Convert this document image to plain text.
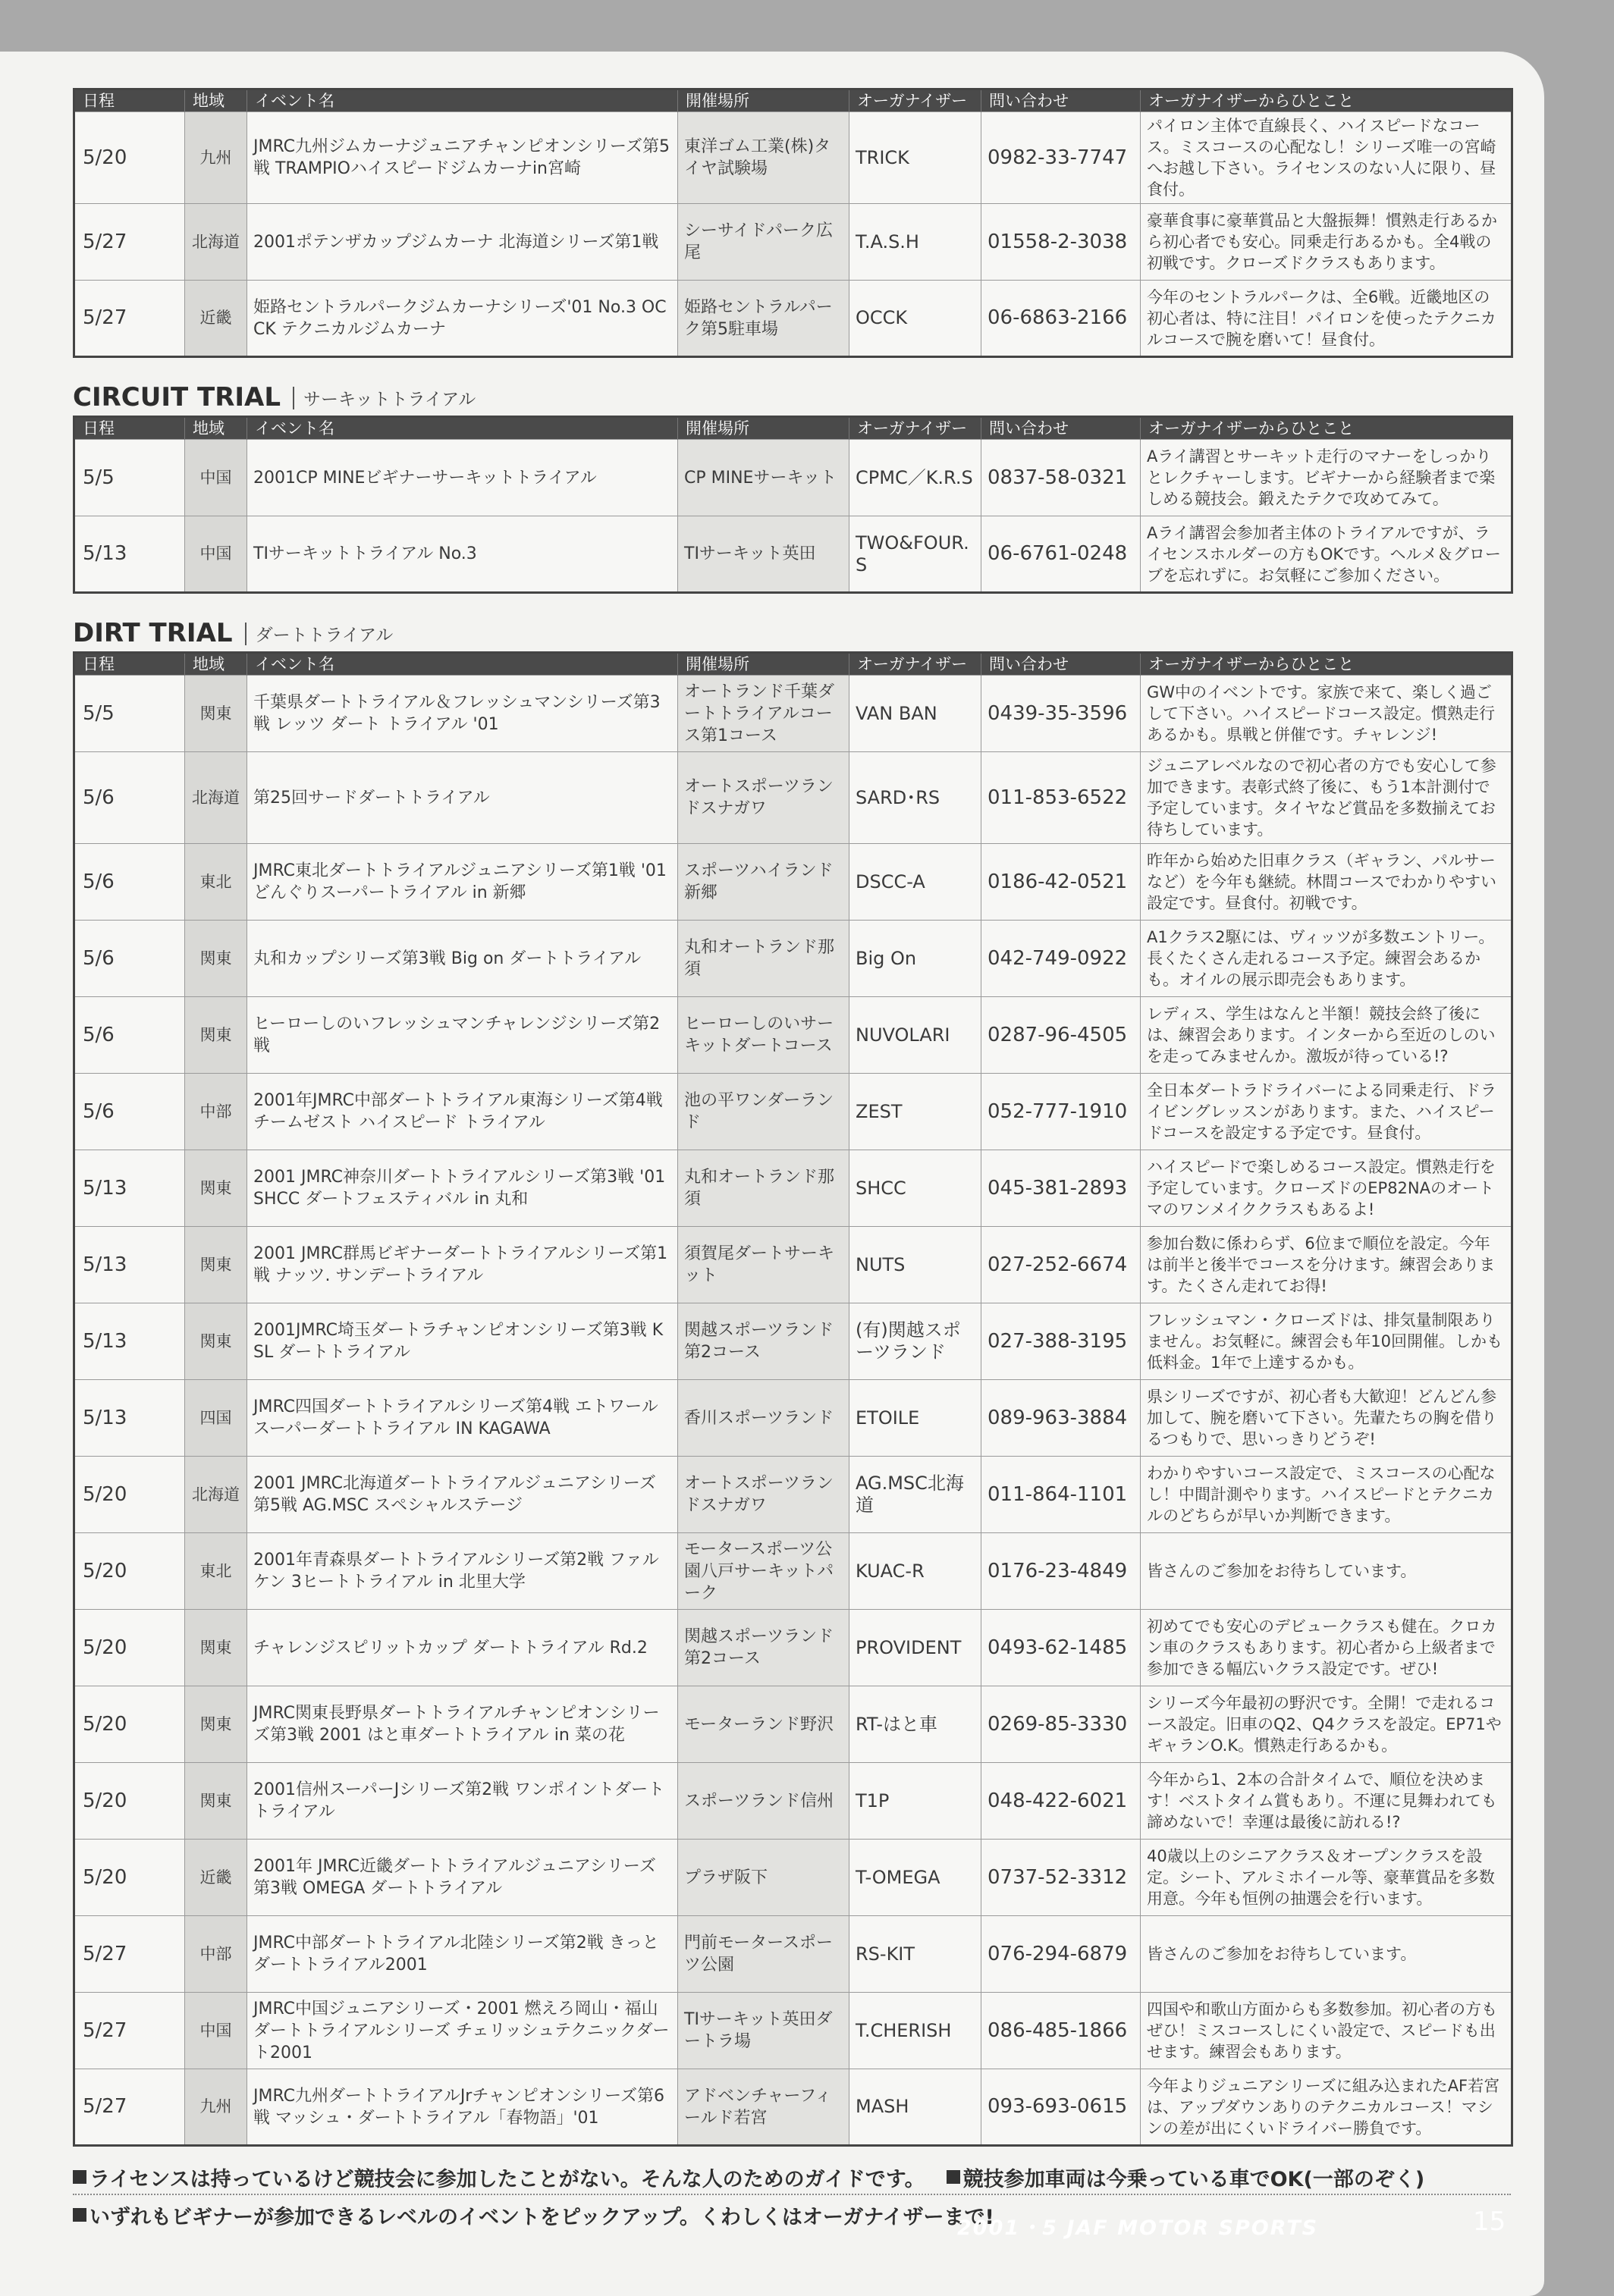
日程	地域	イベント名	開催場所	オーガナイザー	問い合わせ	オーガナイザーからひとこと
5/20	九州	JMRC九州ジムカーナジュニアチャンピオンシリーズ第5戦 TRAMPIOハイスピードジムカーナin宮崎	東洋ゴム工業(株)タイヤ試験場	TRICK	0982-33-7747	パイロン主体で直線長く、ハイスピードなコース。ミスコースの心配なし！シリーズ唯一の宮崎へお越し下さい。ライセンスのない人に限り、昼食付。
5/27	北海道	2001ポテンザカップジムカーナ 北海道シリーズ第1戦	シーサイドパーク広尾	T.A.S.H	01558-2-3038	豪華食事に豪華賞品と大盤振舞！慣熟走行あるから初心者でも安心。同乗走行あるかも。全4戦の初戦です。クローズドクラスもあります。
5/27	近畿	姫路セントラルパークジムカーナシリーズ'01 No.3 OCCK テクニカルジムカーナ	姫路セントラルパーク第5駐車場	OCCK	06-6863-2166	今年のセントラルパークは、全6戦。近畿地区の初心者は、特に注目！パイロンを使ったテクニカルコースで腕を磨いて！昼食付。
CIRCUIT TRIAL サーキットトライアル
日程	地域	イベント名	開催場所	オーガナイザー	問い合わせ	オーガナイザーからひとこと
5/5	中国	2001CP MINEビギナーサーキットトライアル	CP MINEサーキット	CPMC／K.R.S	0837-58-0321	Aライ講習とサーキット走行のマナーをしっかりとレクチャーします。ビギナーから経験者まで楽しめる競技会。鍛えたテクで攻めてみて。
5/13	中国	TIサーキットトライアル No.3	TIサーキット英田	TWO&FOUR.S	06-6761-0248	Aライ講習会参加者主体のトライアルですが、ライセンスホルダーの方もOKです。ヘルメ＆グローブを忘れずに。お気軽にご参加ください。
DIRT TRIAL ダートトライアル
日程	地域	イベント名	開催場所	オーガナイザー	問い合わせ	オーガナイザーからひとこと
5/5	関東	千葉県ダートトライアル＆フレッシュマンシリーズ第3戦 レッツ ダート トライアル '01	オートランド千葉ダートトライアルコース第1コース	VAN BAN	0439-35-3596	GW中のイベントです。家族で来て、楽しく過ごして下さい。ハイスピードコース設定。慣熟走行あるかも。県戦と併催です。チャレンジ!
5/6	北海道	第25回サードダートトライアル	オートスポーツランドスナガワ	SARD･RS	011-853-6522	ジュニアレベルなので初心者の方でも安心して参加できます。表彰式終了後に、もう1本計測付で予定しています。タイヤなど賞品を多数揃えてお待ちしています。
5/6	東北	JMRC東北ダートトライアルジュニアシリーズ第1戦 '01 どんぐりスーパートライアル in 新郷	スポーツハイランド新郷	DSCC-A	0186-42-0521	昨年から始めた旧車クラス（ギャラン、パルサーなど）を今年も継続。林間コースでわかりやすい設定です。昼食付。初戦です。
5/6	関東	丸和カップシリーズ第3戦 Big on ダートトライアル	丸和オートランド那須	Big On	042-749-0922	A1クラス2駆には、ヴィッツが多数エントリー。長くたくさん走れるコース予定。練習会あるかも。オイルの展示即売会もあります。
5/6	関東	ヒーローしのいフレッシュマンチャレンジシリーズ第2戦	ヒーローしのいサーキットダートコース	NUVOLARI	0287-96-4505	レディス、学生はなんと半額！競技会終了後には、練習会あります。インターから至近のしのいを走ってみませんか。激坂が待っている!?
5/6	中部	2001年JMRC中部ダートトライアル東海シリーズ第4戦 チームゼスト ハイスピード トライアル	池の平ワンダーランド	ZEST	052-777-1910	全日本ダートラドライバーによる同乗走行、ドライビングレッスンがあります。また、ハイスピードコースを設定する予定です。昼食付。
5/13	関東	2001 JMRC神奈川ダートトライアルシリーズ第3戦 '01 SHCC ダートフェスティバル in 丸和	丸和オートランド那須	SHCC	045-381-2893	ハイスピードで楽しめるコース設定。慣熟走行を予定しています。クローズドのEP82NAのオートマのワンメイククラスもあるよ!
5/13	関東	2001 JMRC群馬ビギナーダートトライアルシリーズ第1戦 ナッツ. サンデートライアル	須賀尾ダートサーキット	NUTS	027-252-6674	参加台数に係わらず、6位まで順位を設定。今年は前半と後半でコースを分けます。練習会あります。たくさん走れてお得!
5/13	関東	2001JMRC埼玉ダートラチャンピオンシリーズ第3戦 KSL ダートトライアル	関越スポーツランド第2コース	(有)関越スポーツランド	027-388-3195	フレッシュマン・クローズドは、排気量制限ありません。お気軽に。練習会も年10回開催。しかも低料金。1年で上達するかも。
5/13	四国	JMRC四国ダートトライアルシリーズ第4戦 エトワールスーパーダートトライアル IN KAGAWA	香川スポーツランド	ETOILE	089-963-3884	県シリーズですが、初心者も大歓迎！どんどん参加して、腕を磨いて下さい。先輩たちの胸を借りるつもりで、思いっきりどうぞ!
5/20	北海道	2001 JMRC北海道ダートトライアルジュニアシリーズ第5戦 AG.MSC スペシャルステージ	オートスポーツランドスナガワ	AG.MSC北海道	011-864-1101	わかりやすいコース設定で、ミスコースの心配なし！中間計測やります。ハイスピードとテクニカルのどちらが早いか判断できます。
5/20	東北	2001年青森県ダートトライアルシリーズ第2戦 ファルケン 3ヒートトライアル in 北里大学	モータースポーツ公園八戸サーキットパーク	KUAC-R	0176-23-4849	皆さんのご参加をお待ちしています。
5/20	関東	チャレンジスピリットカップ ダートトライアル Rd.2	関越スポーツランド第2コース	PROVIDENT	0493-62-1485	初めてでも安心のデビュークラスも健在。クロカン車のクラスもあります。初心者から上級者まで参加できる幅広いクラス設定です。ぜひ!
5/20	関東	JMRC関東長野県ダートトライアルチャンピオンシリーズ第3戦 2001 はと車ダートトライアル in 菜の花	モーターランド野沢	RT-はと車	0269-85-3330	シリーズ今年最初の野沢です。全開！で走れるコース設定。旧車のQ2、Q4クラスを設定。EP71やギャランO.K。慣熟走行あるかも。
5/20	関東	2001信州スーパーJシリーズ第2戦 ワンポイントダートトライアル	スポーツランド信州	T1P	048-422-6021	今年から1、2本の合計タイムで、順位を決めます！ベストタイム賞もあり。不運に見舞われても諦めないで！幸運は最後に訪れる!?
5/20	近畿	2001年 JMRC近畿ダートトライアルジュニアシリーズ第3戦 OMEGA ダートトライアル	プラザ阪下	T-OMEGA	0737-52-3312	40歳以上のシニアクラス＆オープンクラスを設定。シート、アルミホイール等、豪華賞品を多数用意。今年も恒例の抽選会を行います。
5/27	中部	JMRC中部ダートトライアル北陸シリーズ第2戦 きっとダートトライアル2001	門前モータースポーツ公園	RS-KIT	076-294-6879	皆さんのご参加をお待ちしています。
5/27	中国	JMRC中国ジュニアシリーズ・2001 燃えろ岡山・福山ダートトライアルシリーズ チェリッシュテクニックダート2001	TIサーキット英田ダートラ場	T.CHERISH	086-485-1866	四国や和歌山方面からも多数参加。初心者の方もぜひ！ミスコースしにくい設定で、スピードも出せます。練習会もあります。
5/27	九州	JMRC九州ダートトライアルJrチャンピオンシリーズ第6戦 マッシュ・ダートトライアル「春物語」'01	アドベンチャーフィールド若宮	MASH	093-693-0615	今年よりジュニアシリーズに組み込まれたAF若宮は、アップダウンありのテクニカルコース！マシンの差が出にくいドライバー勝負です。
ライセンスは持っているけど競技会に参加したことがない。そんな人のためのガイドです。 競技参加車両は今乗っている車でOK(一部のぞく)
いずれもビギナーが参加できるレベルのイベントをピックアップ。くわしくはオーガナイザーまで!
2001・5 JAF MOTOR SPORTS	15
